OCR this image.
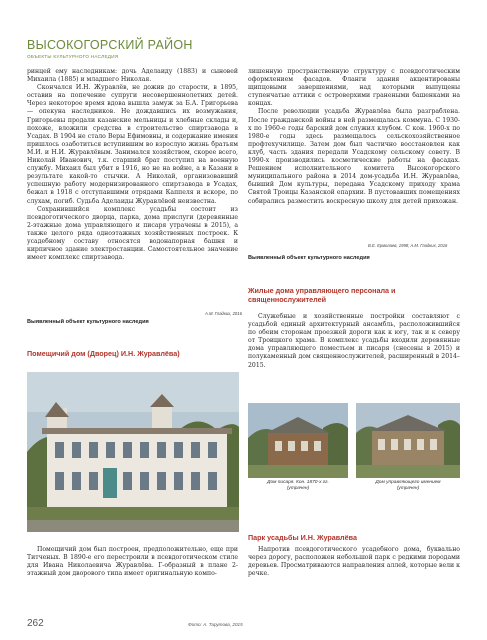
ВЫСОКОГОРСКИЙ РАЙОН
ОБЪЕКТЫ КУЛЬТУРНОГО НАСЛЕДИЯ

ринцей ему наследникам: дочь Аделаиду (1883) и сыновей Михаила (1885) и младшего Николая.

Скончался И.Н. Журавлёв, не дожив до старости, в 1895, оставив на попечение супруги несовершеннолетних детей. Через некоторое время вдова вышла замуж за Б.А. Григорьева — опекуна наследников. Не дождавшись их возмужания, Григорьевы продали казанские мельницы и хлебные склады и, похоже, вложили средства в строительство спиртзавода в Усадах. В 1904 не стало Веры Ефимовны, и содержание имения пришлось озаботиться вступившим во взрослую жизнь братьям М.И. и Н.И. Журавлёвым. Занимался хозяйством, скорее всего, Николай Иванович, т.к. старший брат поступил на военную службу. Михаил был убит в 1916, но не на войне, а в Казани в результате какой-то стычки. А Николай, организовавший успешную работу модернизированного спиртзавода в Усадах, бежал в 1918 с отступавшими отрядами Каппеля и вскоре, по слухам, погиб. Судьба Аделаиды Журавлёвой неизвестна.

Сохранившийся комплекс усадьбы состоит из псевдоготического дворца, парка, дома прислуги (деревянные 2-этажные дома управляющего и писаря утрачены в 2015), а также целого ряда одноэтажных хозяйственных построек. К усадебному составу относятся водонапорная башня и кирпичное здание электростанции. Самостоятельное значение имеет комплекс спиртзавода.

А.М. Гладких, 2016
Выявленный объект культурного наследия
Помещичий дом (Дворец) И.Н. Журавлёва)

лишенную пространственную структуру с псевдоготическим оформлением фасадов. Фланги здания акцентированы щипцовыми завершениями, над которыми выпущены ступенчатые аттики с островерхими гранеными башенками на концах.

После революции усадьба Журавлёва была разграблена. После гражданской войны в ней размещалась коммуна. С 1930-х по 1960-е годы барский дом служил клубом. С кон. 1960-х по 1980-е годы здесь размещалось сельскохозяйственное профтехучилище. Затем дом был частично восстановлен как клуб, часть здания передали Усадскому сельскому совету. В 1990-х производились косметические работы на фасадах. Решением исполнительного комитета Высокогорского муниципального района в 2014 дом-усадьба И.Н. Журавлёва, бывший Дом культуры, передана Усадскому приходу храма Святой Троицы Казанской епархии. В пустовавших помещениях собирались разместить воскресную школу для детей прихожан.

В.Е. Ермолаев, 1998; А.М. Гладких, 2016
Выявленный объект культурного наследия
Жилые дома управляющего персонала и священнослужителей

Служебные и хозяйственные постройки составляют с усадьбой единый архитектурный ансамбль, расположившийся по обеим сторонам проезжей дороги как к югу, так и к северу от Троицкого храма. В комплекс усадьбы входили деревянные дома управляющего поместьем и писаря (снесены в 2015) и полукаменный дом священнослужителей, расширенный в 2014–2015.

Дом писаря. Кон. 1870-х гг.
(утрачен)
Дом управляющего имением
(утрачен)

Помещичий дом был построен, предположительно, еще при Титченых. В 1890-е его перестроили в псевдоготическом стиле для Ивана Николаевича Журавлёва. Г-образный в плане 2-этажный дом дворового типа имеет оригинальную компо-

Парк усадьбы И.Н. Журавлёва

Напротив псевдоготического усадебного дома, буквально через дорогу, расположен небольшой парк с редкими породами деревьев. Просматриваются направления аллей, которые вели к речке.

262	Фото: А. Тарутова, 2015
